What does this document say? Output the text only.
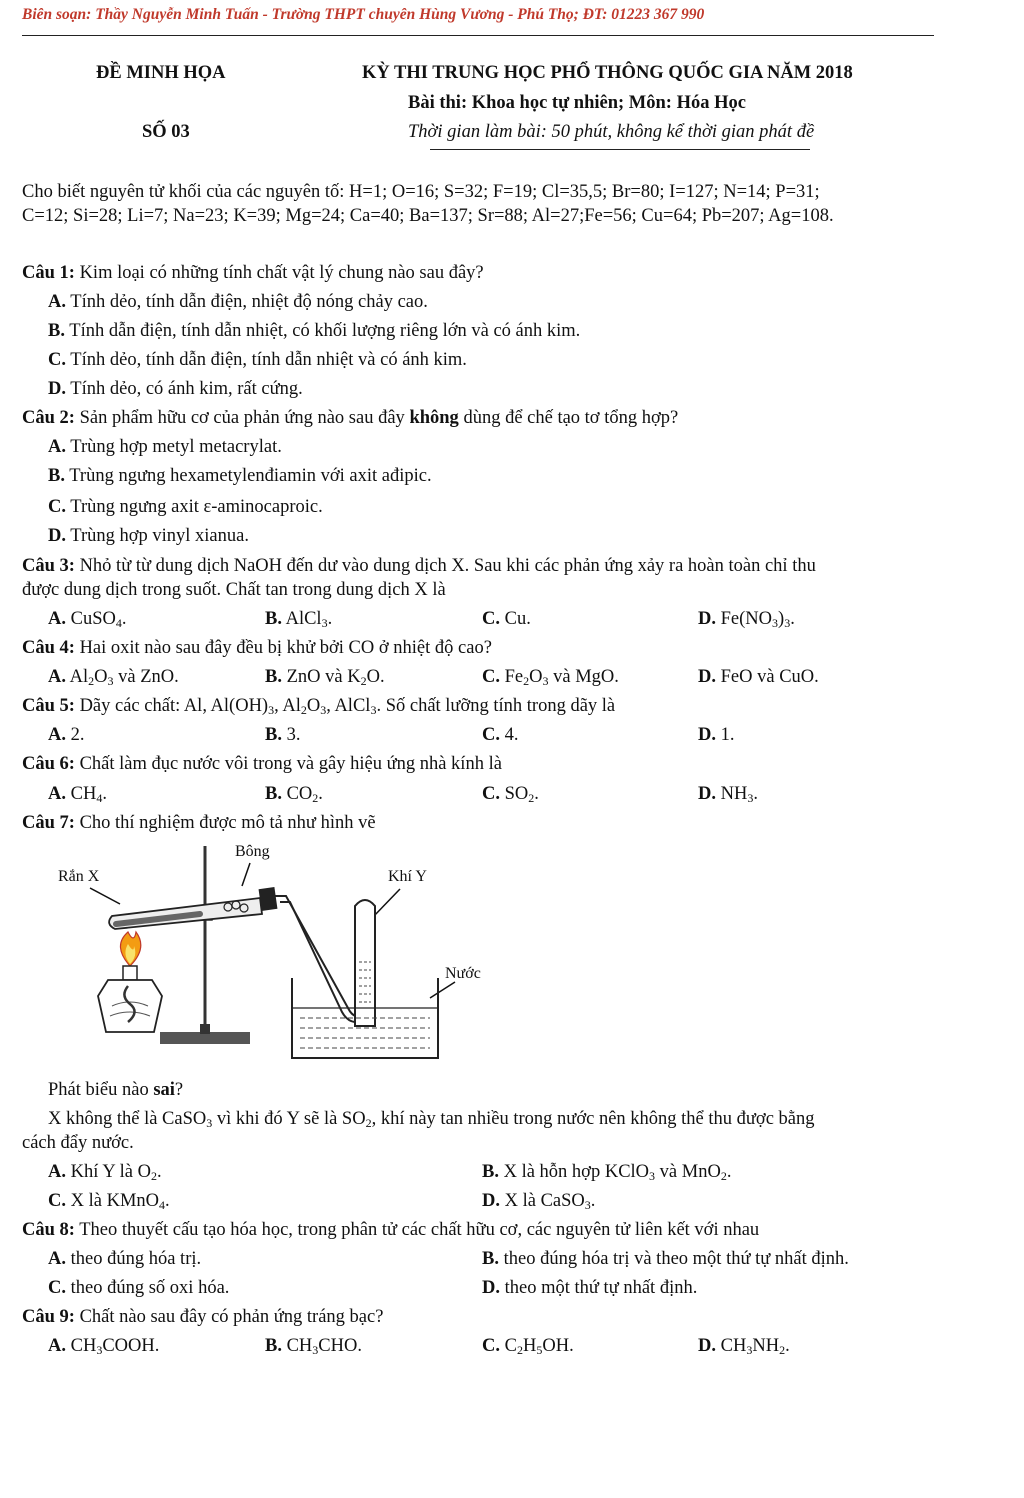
Biên soạn: Thầy Nguyễn Minh Tuấn - Trường THPT chuyên Hùng Vương - Phú Thọ; ĐT: 01223 367 990
ĐỀ MINH HỌA
SỐ 03
KỲ THI TRUNG HỌC PHỔ THÔNG QUỐC GIA NĂM 2018
Bài thi: Khoa học tự nhiên; Môn: Hóa Học
Thời gian làm bài: 50 phút, không kể thời gian phát đề
Cho biết nguyên tử khối của các nguyên tố: H=1; O=16; S=32; F=19; Cl=35,5; Br=80; I=127; N=14; P=31;
C=12; Si=28; Li=7; Na=23; K=39; Mg=24; Ca=40; Ba=137; Sr=88; Al=27;Fe=56; Cu=64; Pb=207; Ag=108.
Câu 1: Kim loại có những tính chất vật lý chung nào sau đây?
A. Tính dẻo, tính dẫn điện, nhiệt độ nóng chảy cao.
B. Tính dẫn điện, tính dẫn nhiệt, có khối lượng riêng lớn và có ánh kim.
C. Tính dẻo, tính dẫn điện, tính dẫn nhiệt và có ánh kim.
D. Tính dẻo, có ánh kim, rất cứng.
Câu 2: Sản phẩm hữu cơ của phản ứng nào sau đây không dùng để chế tạo tơ tổng hợp?
A. Trùng hợp metyl metacrylat.
B. Trùng ngưng hexametylenđiamin với axit ađipic.
C. Trùng ngưng axit ε-aminocaproic.
D. Trùng hợp vinyl xianua.
Câu 3: Nhỏ từ từ dung dịch NaOH đến dư vào dung dịch X. Sau khi các phản ứng xảy ra hoàn toàn chỉ thu
được dung dịch trong suốt. Chất tan trong dung dịch X là
A. CuSO$_4$.	B. AlCl$_3$.	C. Cu.	D. $Fe(NO_3)_3$.
Câu 4: Hai oxit nào sau đây đều bị khử bởi CO ở nhiệt độ cao?
A. $Al_2O_3$ và ZnO.	B. ZnO và $K_2O$.	C. $Fe_2O_3$ và MgO.	D. FeO và CuO.
Câu 5: Dãy các chất: Al, $Al(OH)_3$, $Al_2O_3$, AlCl$_3$. Số chất lưỡng tính trong dãy là
A. 2.	B. 3.	C. 4.	D. 1.
Câu 6: Chất làm đục nước vôi trong và gây hiệu ứng nhà kính là
A. $CH_4$.	B. $CO_2$.	C. $SO_2$.	D. $NH_3$.
Câu 7: Cho thí nghiệm được mô tả như hình vẽ
Bông
Rắn X	Khí Y
Nước
Phát biểu nào sai?
X không thể là CaSO$_3$ vì khi đó Y sẽ là $SO_2$, khí này tan nhiều trong nước nên không thể thu được bằng
cách đẩy nước.
A. Khí Y là $O_2$.	B. X là hỗn hợp KClO$_3$ và MnO$_2$.
C. X là KMnO$_4$.	D. X là CaSO$_3$.
Câu 8: Theo thuyết cấu tạo hóa học, trong phân tử các chất hữu cơ, các nguyên tử liên kết với nhau
A. theo đúng hóa trị.	B. theo đúng hóa trị và theo một thứ tự nhất định.
C. theo đúng số oxi hóa.	D. theo một thứ tự nhất định.
Câu 9: Chất nào sau đây có phản ứng tráng bạc?
A. $CH_3COOH$.	B. $CH_3CHO$.	C. $C_2H_5OH$.	D. $CH_3NH_2$.
